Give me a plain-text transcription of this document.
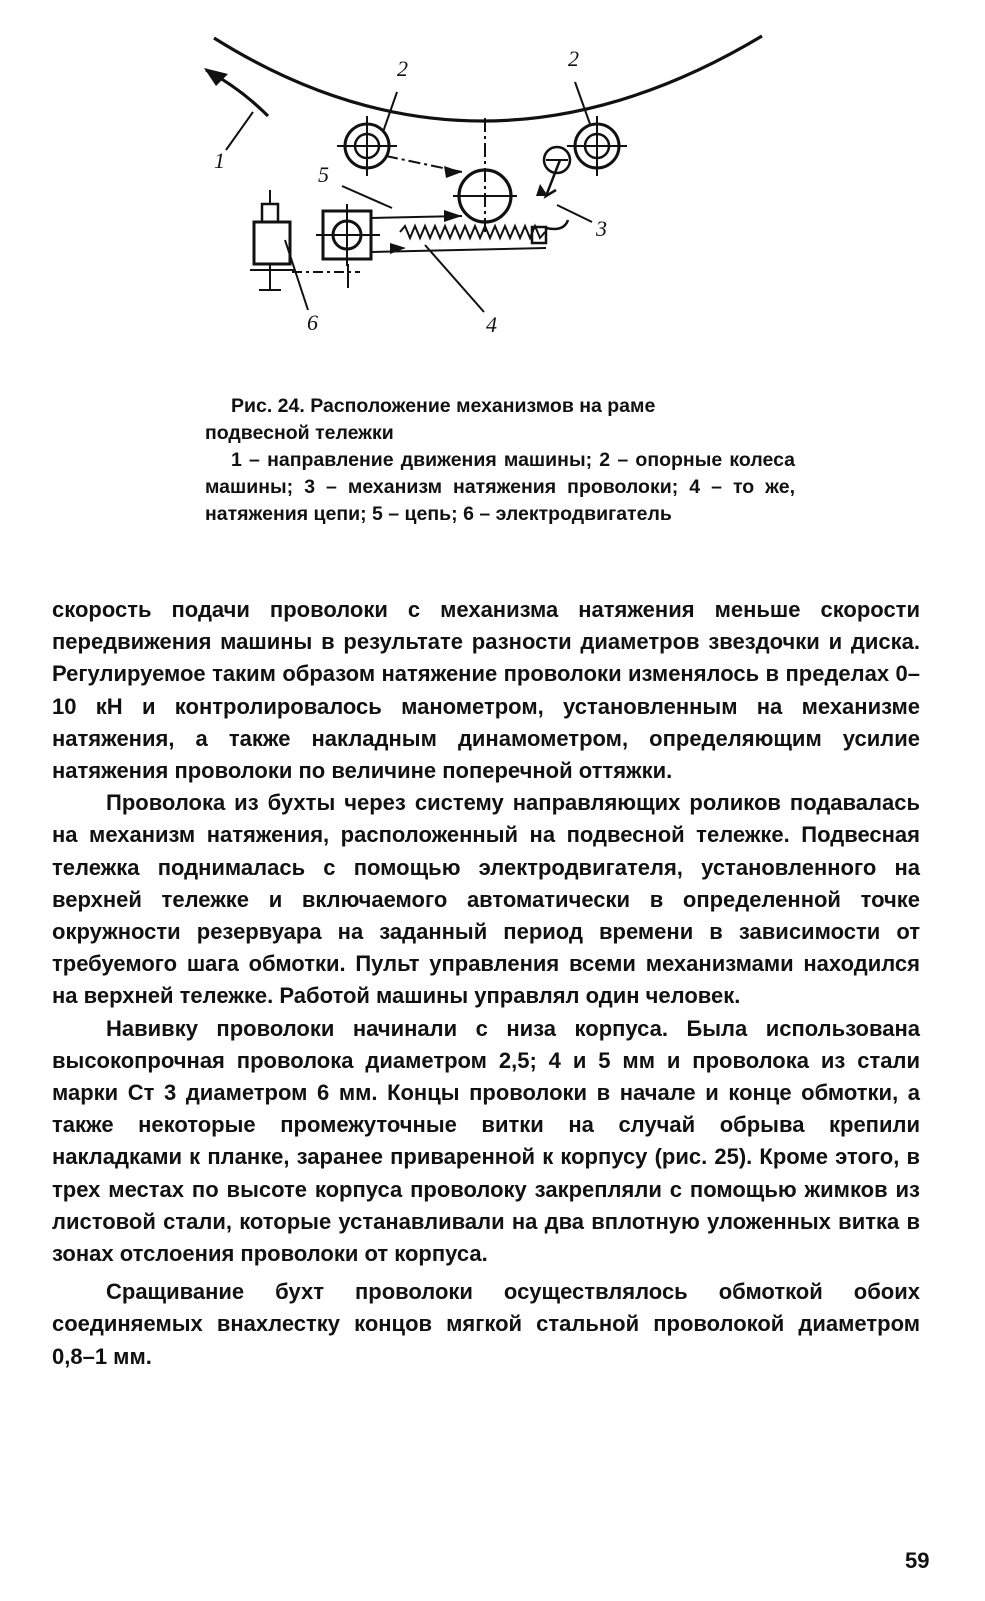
1
2	2
3
4
5
6
Рис. 24. Расположение механизмов на раме
подвесной тележки
1 – направление движения машины; 2 – опорные колеса машины; 3 – механизм натяжения проволоки; 4 – то же, натяжения цепи; 5 – цепь; 6 – электродвигатель

скорость подачи проволоки с механизма натяжения меньше скорости передвижения машины в результате разности диаметров звездочки и диска. Регулируемое таким образом натяжение проволоки изменялось в пределах 0–10 кН и контролировалось манометром, установленным на механизме натяжения, а также накладным динамометром, определяющим усилие натяжения проволоки по величине поперечной оттяжки.

Проволока из бухты через систему направляющих роликов подавалась на механизм натяжения, расположенный на подвесной тележке. Подвесная тележка поднималась с помощью электродвигателя, установленного на верхней тележке и включаемого автоматически в определенной точке окружности резервуара на заданный период времени в зависимости от требуемого шага обмотки. Пульт управления всеми механизмами находился на верхней тележке. Работой машины управлял один человек.

Навивку проволоки начинали с низа корпуса. Была использована высокопрочная проволока диаметром 2,5; 4 и 5 мм и проволока из стали марки Ст 3 диаметром 6 мм. Концы проволоки в начале и конце обмотки, а также некоторые промежуточные витки на случай обрыва крепили накладками к планке, заранее приваренной к корпусу (рис. 25). Кроме этого, в трех местах по высоте корпуса проволоку закрепляли с помощью жимков из листовой стали, которые устанавливали на два вплотную уложенных витка в зонах отслоения проволоки от корпуса.

Сращивание бухт проволоки осуществлялось обмоткой обоих соединяемых внахлестку концов мягкой стальной проволокой диаметром 0,8–1 мм.

59
